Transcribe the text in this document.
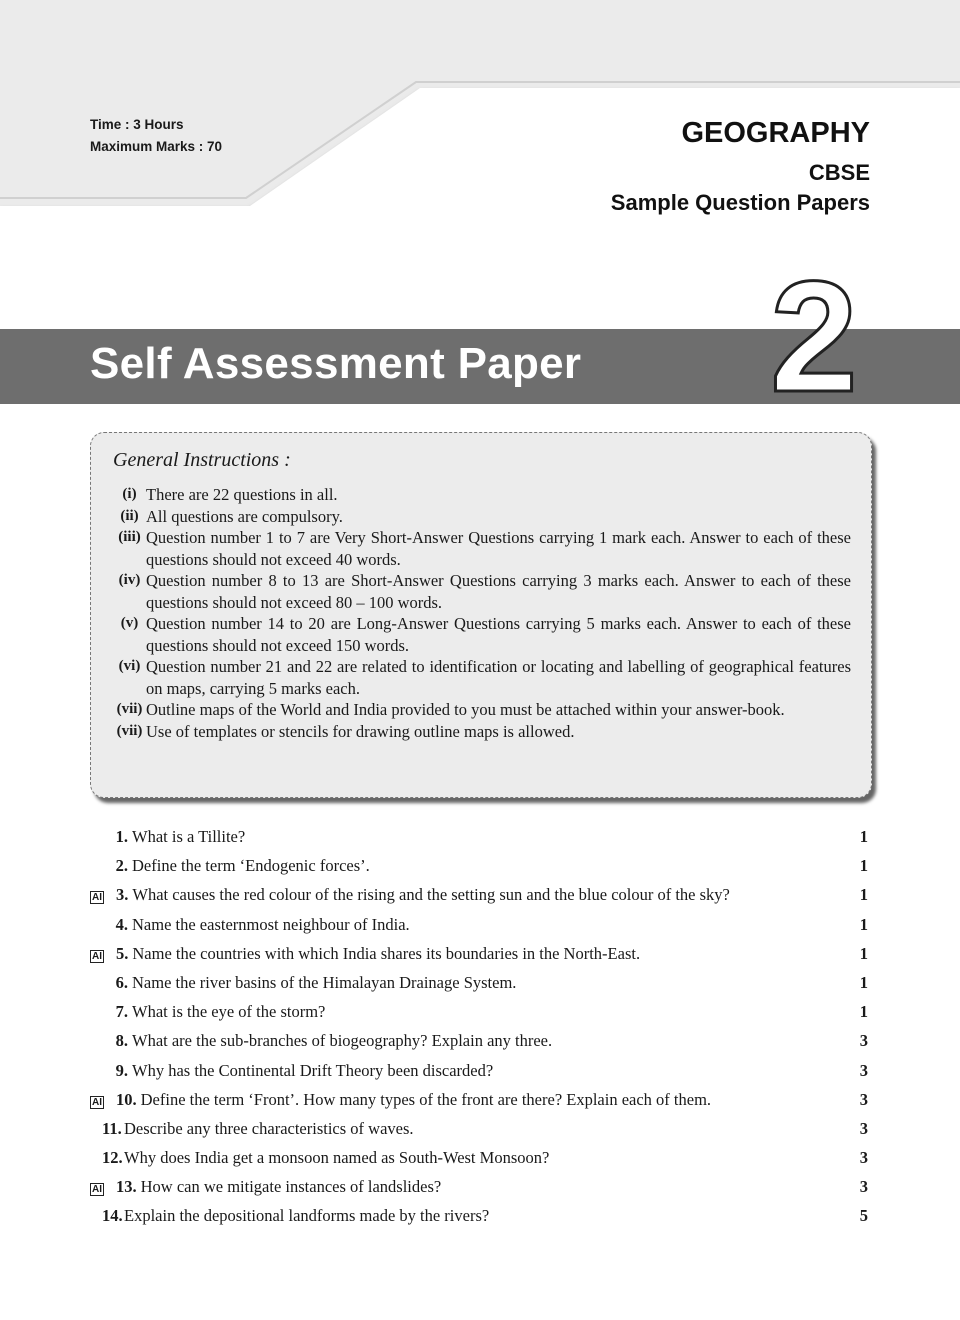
Time : 3 Hours
Maximum Marks : 70	GEOGRAPHY
CBSE
Sample Question Papers
Self Assessment Paper 2
General Instructions :
(i) There are 22 questions in all.
(ii) All questions are compulsory.
(iii) Question number 1 to 7 are Very Short-Answer Questions carrying 1 mark each. Answer to each of these questions should not exceed 40 words.
(iv) Question number 8 to 13 are Short-Answer Questions carrying 3 marks each. Answer to each of these questions should not exceed 80 – 100 words.
(v) Question number 14 to 20 are Long-Answer Questions carrying 5 marks each. Answer to each of these questions should not exceed 150 words.
(vi) Question number 21 and 22 are related to identification or locating and labelling of geographical features on maps, carrying 5 marks each.
(vii) Outline maps of the World and India provided to you must be attached within your answer-book.
(vii) Use of templates or stencils for drawing outline maps is allowed.
1. What is a Tillite?	1
2. Define the term ‘Endogenic forces’.	1
AI 3. What causes the red colour of the rising and the setting sun and the blue colour of the sky?	1
4. Name the easternmost neighbour of India.	1
AI 5. Name the countries with which India shares its boundaries in the North-East.	1
6. Name the river basins of the Himalayan Drainage System.	1
7. What is the eye of the storm?	1
8. What are the sub-branches of biogeography? Explain any three.	3
9. Why has the Continental Drift Theory been discarded?	3
AI 10. Define the term ‘Front’. How many types of the front are there? Explain each of them.	3
11. Describe any three characteristics of waves.	3
12. Why does India get a monsoon named as South-West Monsoon?	3
AI 13. How can we mitigate instances of landslides?	3
14. Explain the depositional landforms made by the rivers?	5
